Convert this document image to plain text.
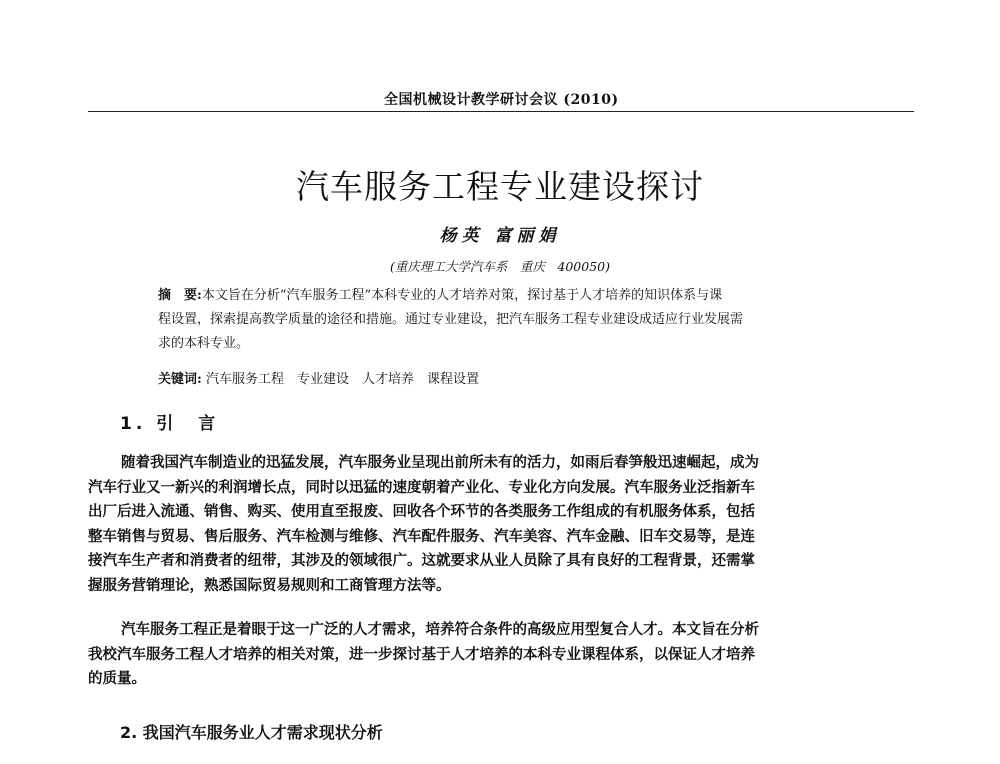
全国机械设计教学研讨会议 (2010)
汽车服务工程专业建设探讨
杨英 富丽娟
(重庆理工大学汽车系　重庆　400050)

摘　要:本文旨在分析“汽车服务工程”本科专业的人才培养对策，探讨基于人才培养的知识体系与课

程设置，探索提高教学质量的途径和措施。通过专业建设，把汽车服务工程专业建设成适应行业发展需

求的本科专业。

关键词: 汽车服务工程　专业建设　人才培养　课程设置
1. 引　言
随着我国汽车制造业的迅猛发展，汽车服务业呈现出前所未有的活力，如雨后春笋般迅速崛起，成为
汽车行业又一新兴的利润增长点，同时以迅猛的速度朝着产业化、专业化方向发展。汽车服务业泛指新车
出厂后进入流通、销售、购买、使用直至报废、回收各个环节的各类服务工作组成的有机服务体系，包括
整车销售与贸易、售后服务、汽车检测与维修、汽车配件服务、汽车美容、汽车金融、旧车交易等，是连
接汽车生产者和消费者的纽带，其涉及的领域很广。这就要求从业人员除了具有良好的工程背景，还需掌
握服务营销理论，熟悉国际贸易规则和工商管理方法等。
汽车服务工程正是着眼于这一广泛的人才需求，培养符合条件的高级应用型复合人才。本文旨在分析
我校汽车服务工程人才培养的相关对策，进一步探讨基于人才培养的本科专业课程体系，以保证人才培养
的质量。
2. 我国汽车服务业人才需求现状分析
